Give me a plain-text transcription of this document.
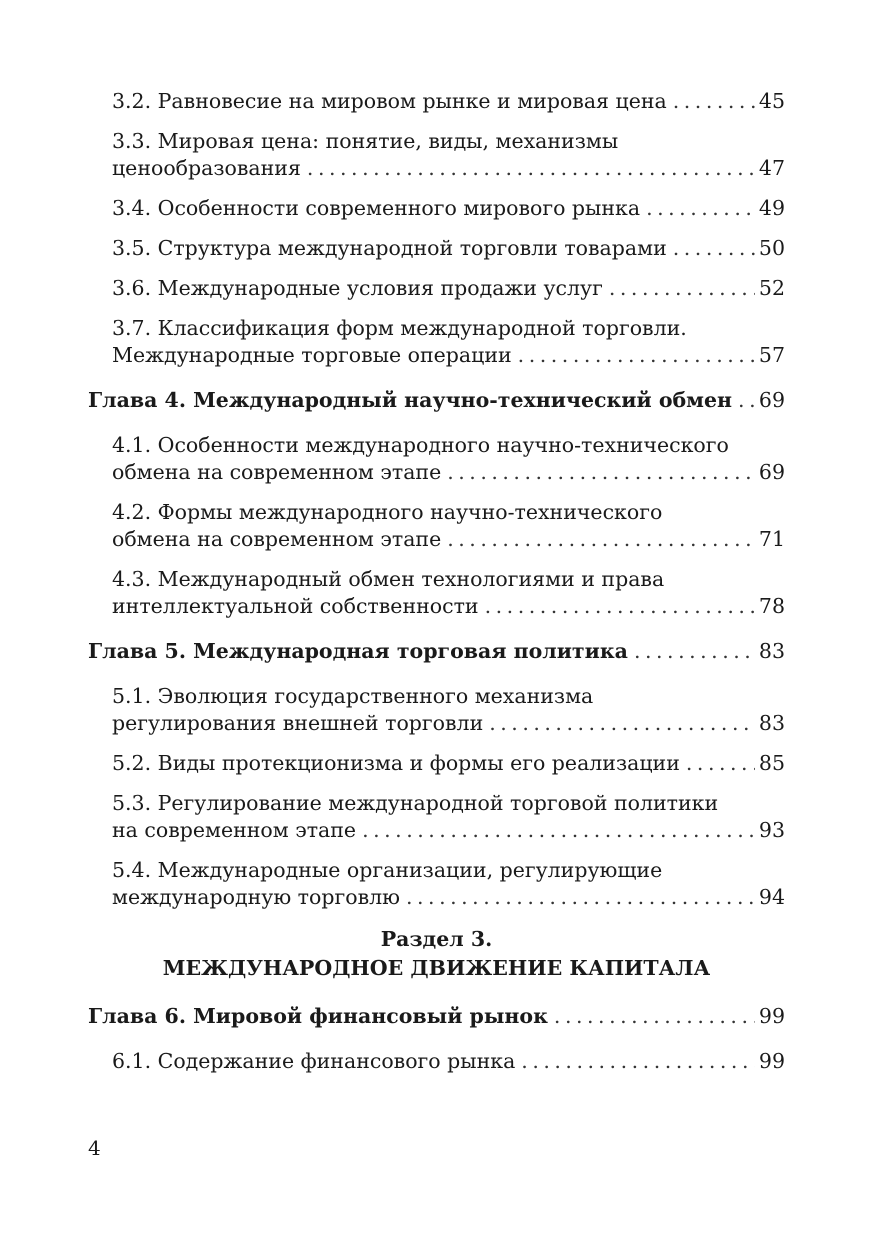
3.2. Равновесие на мировом рынке и мировая цена . . .	45
3.3. Мировая цена: понятие, виды, механизмы
ценообразования . . .	47
3.4. Особенности современного мирового рынка . . .	49
3.5. Структура международной торговли товарами . . .	50
3.6. Международные условия продажи услуг . . .	52
3.7. Классификация форм международной торговли.
Международные торговые операции . . .	57
Глава 4. Международный научно-технический обмен . . . 69
4.1. Особенности международного научно-технического
обмена на современном этапе . . .	69
4.2. Формы международного научно-технического
обмена на современном этапе . . .	71
4.3. Международный обмен технологиями и права
интеллектуальной собственности . . .	78
Глава 5. Международная торговая политика . . .	83
5.1. Эволюция государственного механизма
регулирования внешней торговли . . .	83
5.2. Виды протекционизма и формы его реализации . . .	85
5.3. Регулирование международной торговой политики
на современном этапе . . .	93
5.4. Международные организации, регулирующие
международную торговлю . . .	94
Раздел 3.
МЕЖДУНАРОДНОЕ ДВИЖЕНИЕ КАПИТАЛА
Глава 6. Мировой финансовый рынок . . .	99
6.1. Содержание финансового рынка . . .	99
4
